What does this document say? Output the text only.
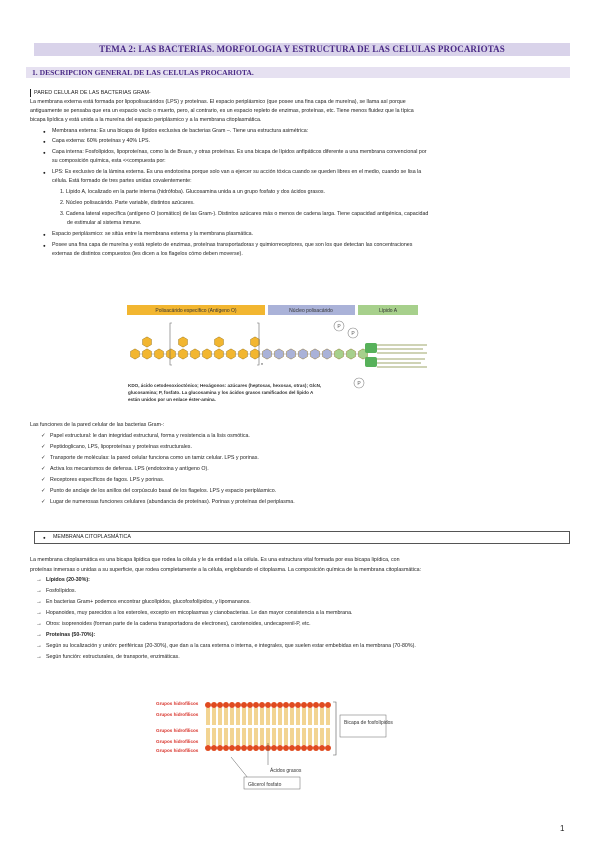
TEMA 2: LAS BACTERIAS. MORFOLOGIA Y ESTRUCTURA DE LAS CELULAS PROCARIOTAS
1. DESCRIPCION GENERAL DE LAS CELULAS PROCARIOTA.
PARED CELULAR DE LAS BACTERIAS GRAM-
La membrana externa está formada por lipopolisacáridos (LPS) y proteínas. El espacio periplásmico (que posee una fina capa de mureína), se llama así porque
antiguamente se pensaba que era un espacio vacío o muerto, pero, al contrario, es un espacio repleto de enzimas, proteínas, etc. Tiene menos fluidez que la típica
bicapa lipídica y está unida a la mureína del espacio periplásmico y a la membrana citoplasmática.
● Membrana externa: Es una bicapa de lípidos exclusiva de bacterias Gram –. Tiene una estructura asimétrica:
● Capa externa: 60% proteínas y 40% LPS.
● Capa interna: Fosfolípidos, lipoproteínas, como la de Braun, y otras proteínas. Es una bicapa de lípidos anfipáticos diferente a una membrana convencional por
su composición química, esta <<compuesta por:
● LPS: Es exclusivo de la lámina externa. Es una endotoxina porque solo van a ejercer su acción tóxica cuando se queden libres en el medio, cuando se lisa la
célula. Está formado de tres partes unidas covalentemente:
1. Lípido A, localizado en la parte interna (hidrófoba). Glucosamina unida a un grupo fosfato y dos ácidos grasos.
2. Núcleo polisacárido. Parte variable, distintos azúcares.
3. Cadena lateral específica (antígeno O (somático) de las Gram-). Distintos azúcares más o menos de cadena larga. Tiene capacidad antigénica, capacidad
de estimular al sistema inmune.
● Espacio periplásmico: se sitúa entre la membrana externa y la membrana plasmática.
● Posee una fina capa de mureína y está repleto de enzimas, proteínas transportadoras y quimiorreceptores, que son los que detectan las concentraciones
externas de distintos compuestos (les dicen a los flagelos cómo deben moverse).
Polisacárido específico (Antígeno O)	Núcleo polisacárido	Lípido A
n
P
P
P
KDO, ácido cetodesoxioctónico; Hexágonos: azúcares (heptosas, hexosas, otras); GlcN,
glucosamina; P, fosfato. La glucosamina y los ácidos grasos ramificados del lípido A
están unidos por un enlace éster-amina.
Las funciones de la pared celular de las bacterias Gram-:
✓ Papel estructural: le dan integridad estructural, forma y resistencia a la lisis osmótica.
✓ Peptidoglicano, LPS, lipoproteínas y proteínas estructurales.
✓ Transporte de moléculas: la pared celular funciona como un tamiz celular. LPS y porinas.
✓ Activa los mecanismos de defensa. LPS (endotoxina y antígeno O).
✓ Receptores específicos de fagos. LPS y porinas.
✓ Punto de anclaje de los anillos del corpúsculo basal de los flagelos. LPS y espacio periplásmico.
✓ Lugar de numerosas funciones celulares (abundancia de proteínas). Porinas y proteínas del periplasma.
● MEMBRANA CITOPLASMÁTICA
La membrana citoplasmática es una bicapa lipídica que rodea la célula y le da entidad a la célula. Es una estructura vital formada por esa bicapa lipídica, con
proteínas inmersas o unidas a su superficie, que rodea completamente a la célula, englobando el citoplasma. La composición química de la membrana citoplasmática:
→ Lípidos (20-30%):
→ Fosfolípidos.
→ En bacterias Gram+ podemos encontrar glucolípidos, glucofosfolípidos, y lipomananos.
→ Hopanoides, muy parecidos a los esteroles, excepto en micoplasmas y cianobacterias. Le dan mayor consistencia a la membrana.
→ Otros: isoprenoides (forman parte de la cadena transportadora de electrones), carotenoides, undecaprenil-P, etc.
→ Proteínas (50-70%):
→ Según su localización y unión: periféricas (20-30%), que dan a la cara externa o interna, e integrales, que suelen estar embebidas en la membrana (70-80%).
→ Según función: estructurales, de transporte, enzimáticas.
Grupos hidrofílicos
Grupos hidrofílicos
Grupos hidrofílicos
Grupos hidrofílicos
Grupos hidrofílicos
Bicapa de fosfolípidos
Ácidos grasos
Glicerol fosfato
1
